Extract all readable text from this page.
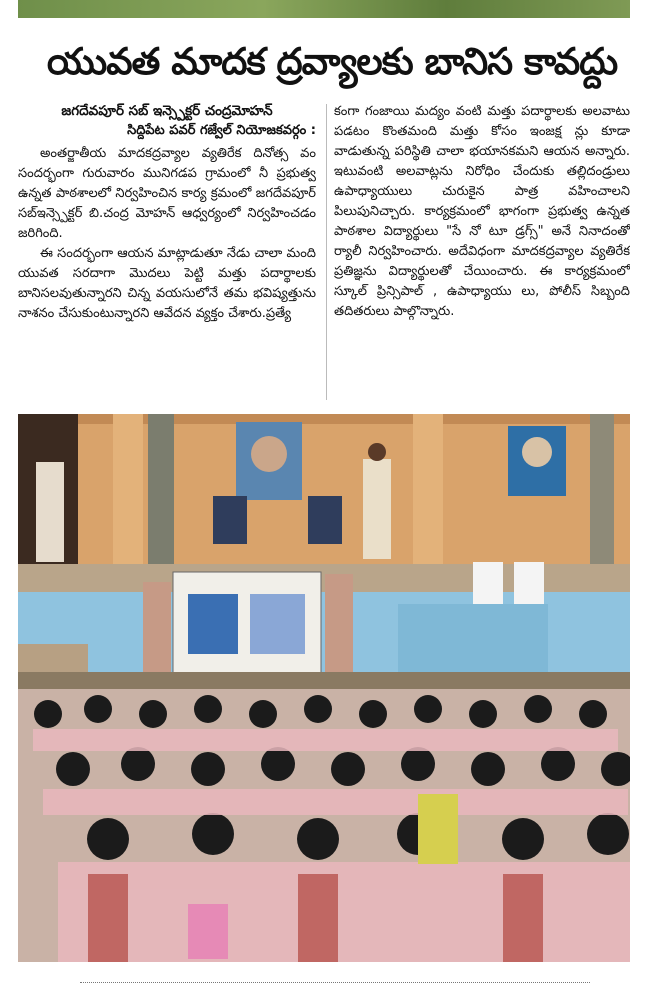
యువత మాదక ద్రవ్యాలకు బానిస కావద్దు
జగదేవపూర్ సబ్ ఇన్స్పెక్టర్ చంద్రమోహన్
సిద్దిపేట పవర్ గజ్వేల్ నియోజకవర్గం :

అంతర్జాతీయ మాదకద్రవ్యాల వ్యతిరేక దినోత్స వం సందర్భంగా గురువారం మునిగడప గ్రామంలో నీ ప్రభుత్వ ఉన్నత పాఠశాలలో నిర్వహించిన కార్య క్రమంలో జగదేవపూర్ సబ్ఇన్స్పెక్టర్ బి.చంద్ర మోహన్ ఆధ్వర్యంలో నిర్వహించడం జరిగింది.

ఈ సందర్భంగా ఆయన మాట్లాడుతూ నేడు చాలా మంది యువత సరదాగా మొదలు పెట్టి మత్తు పదార్థాలకు బానిసలవుతున్నారని చిన్న వయసులోనే తమ భవిష్యత్తును నాశనం చేసుకుంటున్నారని ఆవేదన వ్యక్తం చేశారు.ప్రత్యే

కంగా గంజాయి మద్యం వంటి మత్తు పదార్థాలకు అలవాటు పడటం కొంతమంది మత్తు కోసం ఇంజక్ష న్లు కూడా వాడుతున్న పరిస్థితి చాలా భయానకమని ఆయన అన్నారు. ఇటువంటి అలవాట్లను నిరోధిం చేందుకు తల్లిదండ్రులు ఉపాధ్యాయులు చురుకైన పాత్ర వహించాలని పిలుపునిచ్చారు. కార్యక్రమంలో భాగంగా ప్రభుత్వ ఉన్నత పాఠశాల విద్యార్థులు "సే నో టూ డ్రగ్స్" అనే నినాదంతో ర్యాలీ నిర్వహించారు. అదేవిధంగా మాదకద్రవ్యాల వ్యతిరేక ప్రతిజ్ఞను విద్యార్థులతో చేయించారు. ఈ కార్యక్రమంలో స్కూల్ ప్రిన్సిపాల్ , ఉపాధ్యాయు లు, పోలీస్ సిబ్బంది తదితరులు పాల్గొన్నారు.
